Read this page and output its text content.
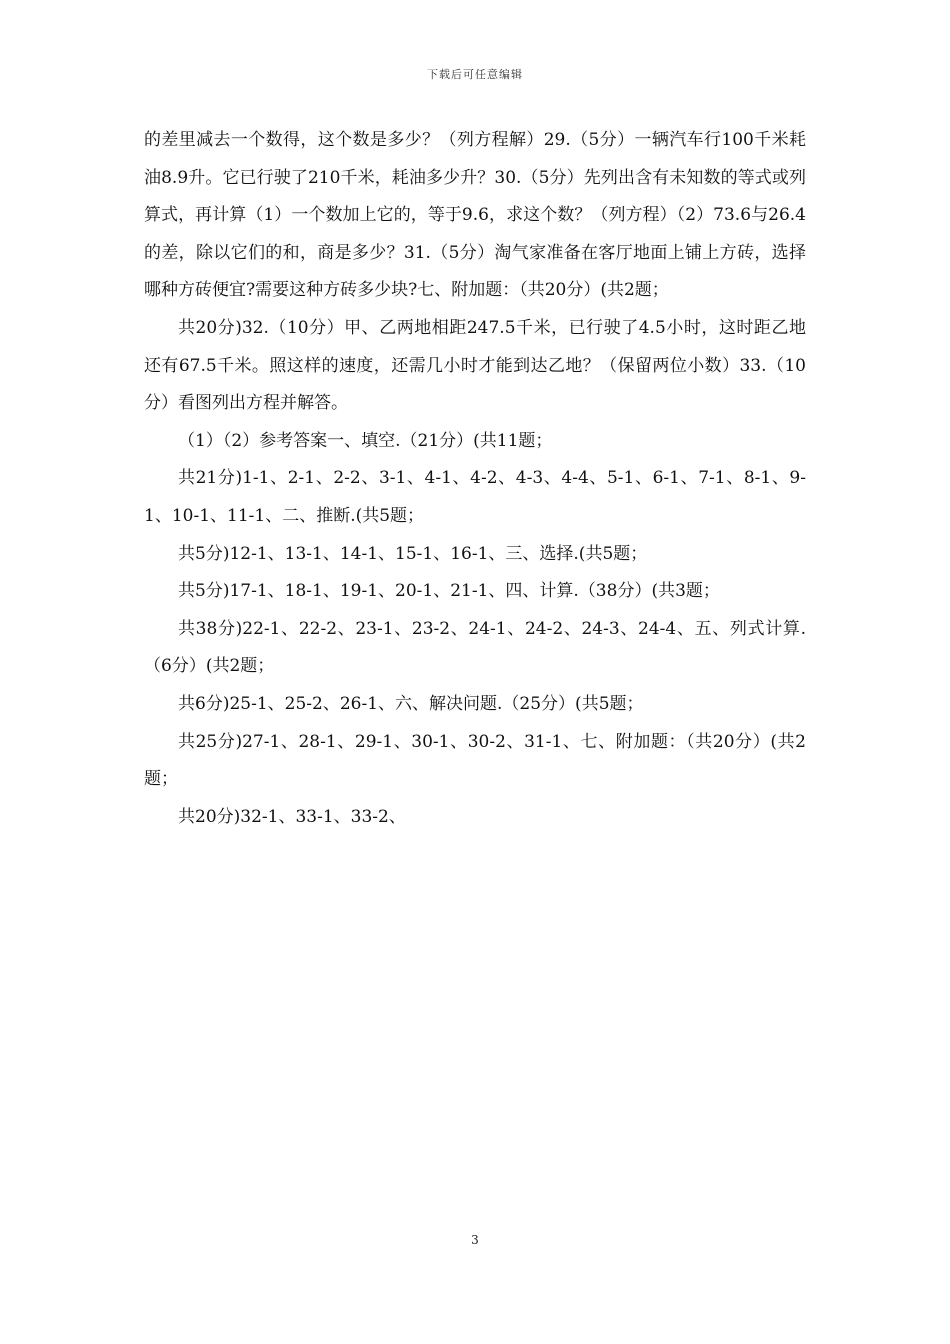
下载后可任意编辑

的差里减去一个数得，这个数是多少？（列方程解）29.（5分）一辆汽车行100千米耗油8.9升。它已行驶了210千米，耗油多少升？30.（5分）先列出含有未知数的等式或列算式，再计算（1）一个数加上它的，等于9.6，求这个数？（列方程）（2）73.6与26.4的差，除以它们的和，商是多少？31.（5分）淘气家准备在客厅地面上铺上方砖，选择哪种方砖便宜?需要这种方砖多少块?七、附加题：（共20分）(共2题；

共20分)32.（10分）甲、乙两地相距247.5千米，已行驶了4.5小时，这时距乙地还有67.5千米。照这样的速度，还需几小时才能到达乙地？（保留两位小数）33.（10分）看图列出方程并解答。

（1）（2）参考答案一、填空.（21分）(共11题；

共21分)1-1、2-1、2-2、3-1、4-1、4-2、4-3、4-4、5-1、6-1、7-1、8-1、9-1、10-1、11-1、二、推断.(共5题；

共5分)12-1、13-1、14-1、15-1、16-1、三、选择.(共5题；

共5分)17-1、18-1、19-1、20-1、21-1、四、计算.（38分）(共3题；

共38分)22-1、22-2、23-1、23-2、24-1、24-2、24-3、24-4、五、列式计算.（6分）(共2题；

共6分)25-1、25-2、26-1、六、解决问题.（25分）(共5题；

共25分)27-1、28-1、29-1、30-1、30-2、31-1、七、附加题：（共20分）(共2题；

共20分)32-1、33-1、33-2、

3
